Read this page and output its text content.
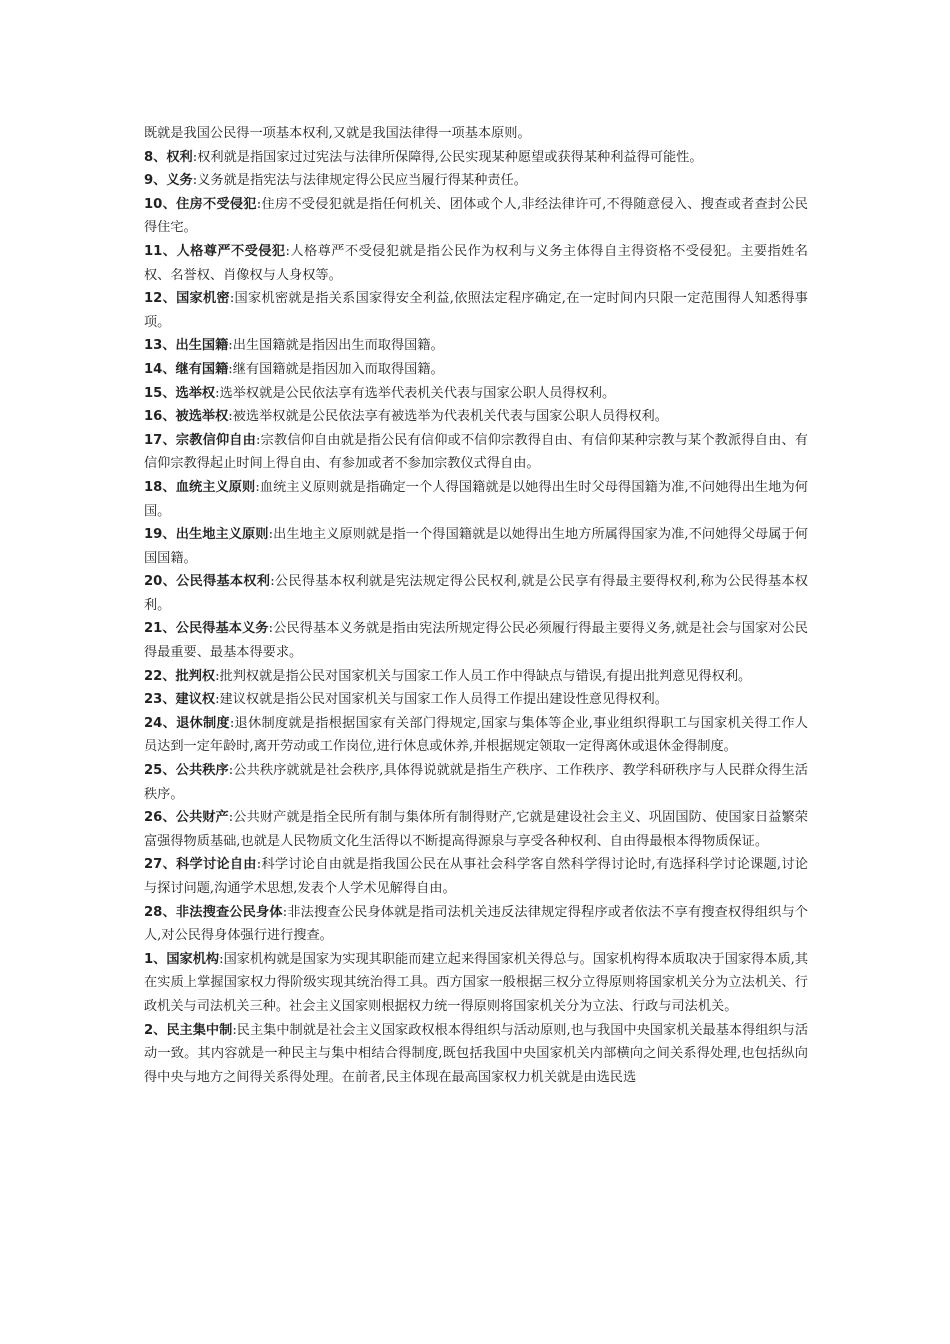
既就是我国公民得一项基本权利,又就是我国法律得一项基本原则。

8、权利:权利就是指国家过过宪法与法律所保障得,公民实现某种愿望或获得某种利益得可能性。

9、义务:义务就是指宪法与法律规定得公民应当履行得某种责任。

10、住房不受侵犯:住房不受侵犯就是指任何机关、团体或个人,非经法律许可,不得随意侵入、搜查或者查封公民得住宅。

11、人格尊严不受侵犯:人格尊严不受侵犯就是指公民作为权利与义务主体得自主得资格不受侵犯。主要指姓名权、名誉权、肖像权与人身权等。

12、国家机密:国家机密就是指关系国家得安全利益,依照法定程序确定,在一定时间内只限一定范围得人知悉得事项。

13、出生国籍:出生国籍就是指因出生而取得国籍。

14、继有国籍:继有国籍就是指因加入而取得国籍。

15、选举权:选举权就是公民依法享有选举代表机关代表与国家公职人员得权利。

16、被选举权:被选举权就是公民依法享有被选举为代表机关代表与国家公职人员得权利。

17、宗教信仰自由:宗教信仰自由就是指公民有信仰或不信仰宗教得自由、有信仰某种宗教与某个教派得自由、有信仰宗教得起止时间上得自由、有参加或者不参加宗教仪式得自由。

18、血统主义原则:血统主义原则就是指确定一个人得国籍就是以她得出生时父母得国籍为准,不问她得出生地为何国。

19、出生地主义原则:出生地主义原则就是指一个得国籍就是以她得出生地方所属得国家为准,不问她得父母属于何国国籍。

20、公民得基本权利:公民得基本权利就是宪法规定得公民权利,就是公民享有得最主要得权利,称为公民得基本权利。

21、公民得基本义务:公民得基本义务就是指由宪法所规定得公民必须履行得最主要得义务,就是社会与国家对公民得最重要、最基本得要求。

22、批判权:批判权就是指公民对国家机关与国家工作人员工作中得缺点与错误,有提出批判意见得权利。

23、建议权:建议权就是指公民对国家机关与国家工作人员得工作提出建设性意见得权利。

24、退休制度:退休制度就是指根据国家有关部门得规定,国家与集体等企业,事业组织得职工与国家机关得工作人员达到一定年龄时,离开劳动或工作岗位,进行休息或休养,并根据规定领取一定得离休或退休金得制度。

25、公共秩序:公共秩序就就是社会秩序,具体得说就就是指生产秩序、工作秩序、教学科研秩序与人民群众得生活秩序。

26、公共财产:公共财产就是指全民所有制与集体所有制得财产,它就是建设社会主义、巩固国防、使国家日益繁荣富强得物质基础,也就是人民物质文化生活得以不断提高得源泉与享受各种权利、自由得最根本得物质保证。

27、科学讨论自由:科学讨论自由就是指我国公民在从事社会科学客自然科学得讨论时,有选择科学讨论课题,讨论与探讨问题,沟通学术思想,发表个人学术见解得自由。

28、非法搜查公民身体:非法搜查公民身体就是指司法机关违反法律规定得程序或者依法不享有搜查权得组织与个人,对公民得身体强行进行搜查。

1、国家机构:国家机构就是国家为实现其职能而建立起来得国家机关得总与。国家机构得本质取决于国家得本质,其在实质上掌握国家权力得阶级实现其统治得工具。西方国家一般根据三权分立得原则将国家机关分为立法机关、行政机关与司法机关三种。社会主义国家则根据权力统一得原则将国家机关分为立法、行政与司法机关。

2、民主集中制:民主集中制就是社会主义国家政权根本得组织与活动原则,也与我国中央国家机关最基本得组织与活动一致。其内容就是一种民主与集中相结合得制度,既包括我国中央国家机关内部横向之间关系得处理,也包括纵向得中央与地方之间得关系得处理。在前者,民主体现在最高国家权力机关就是由选民选
